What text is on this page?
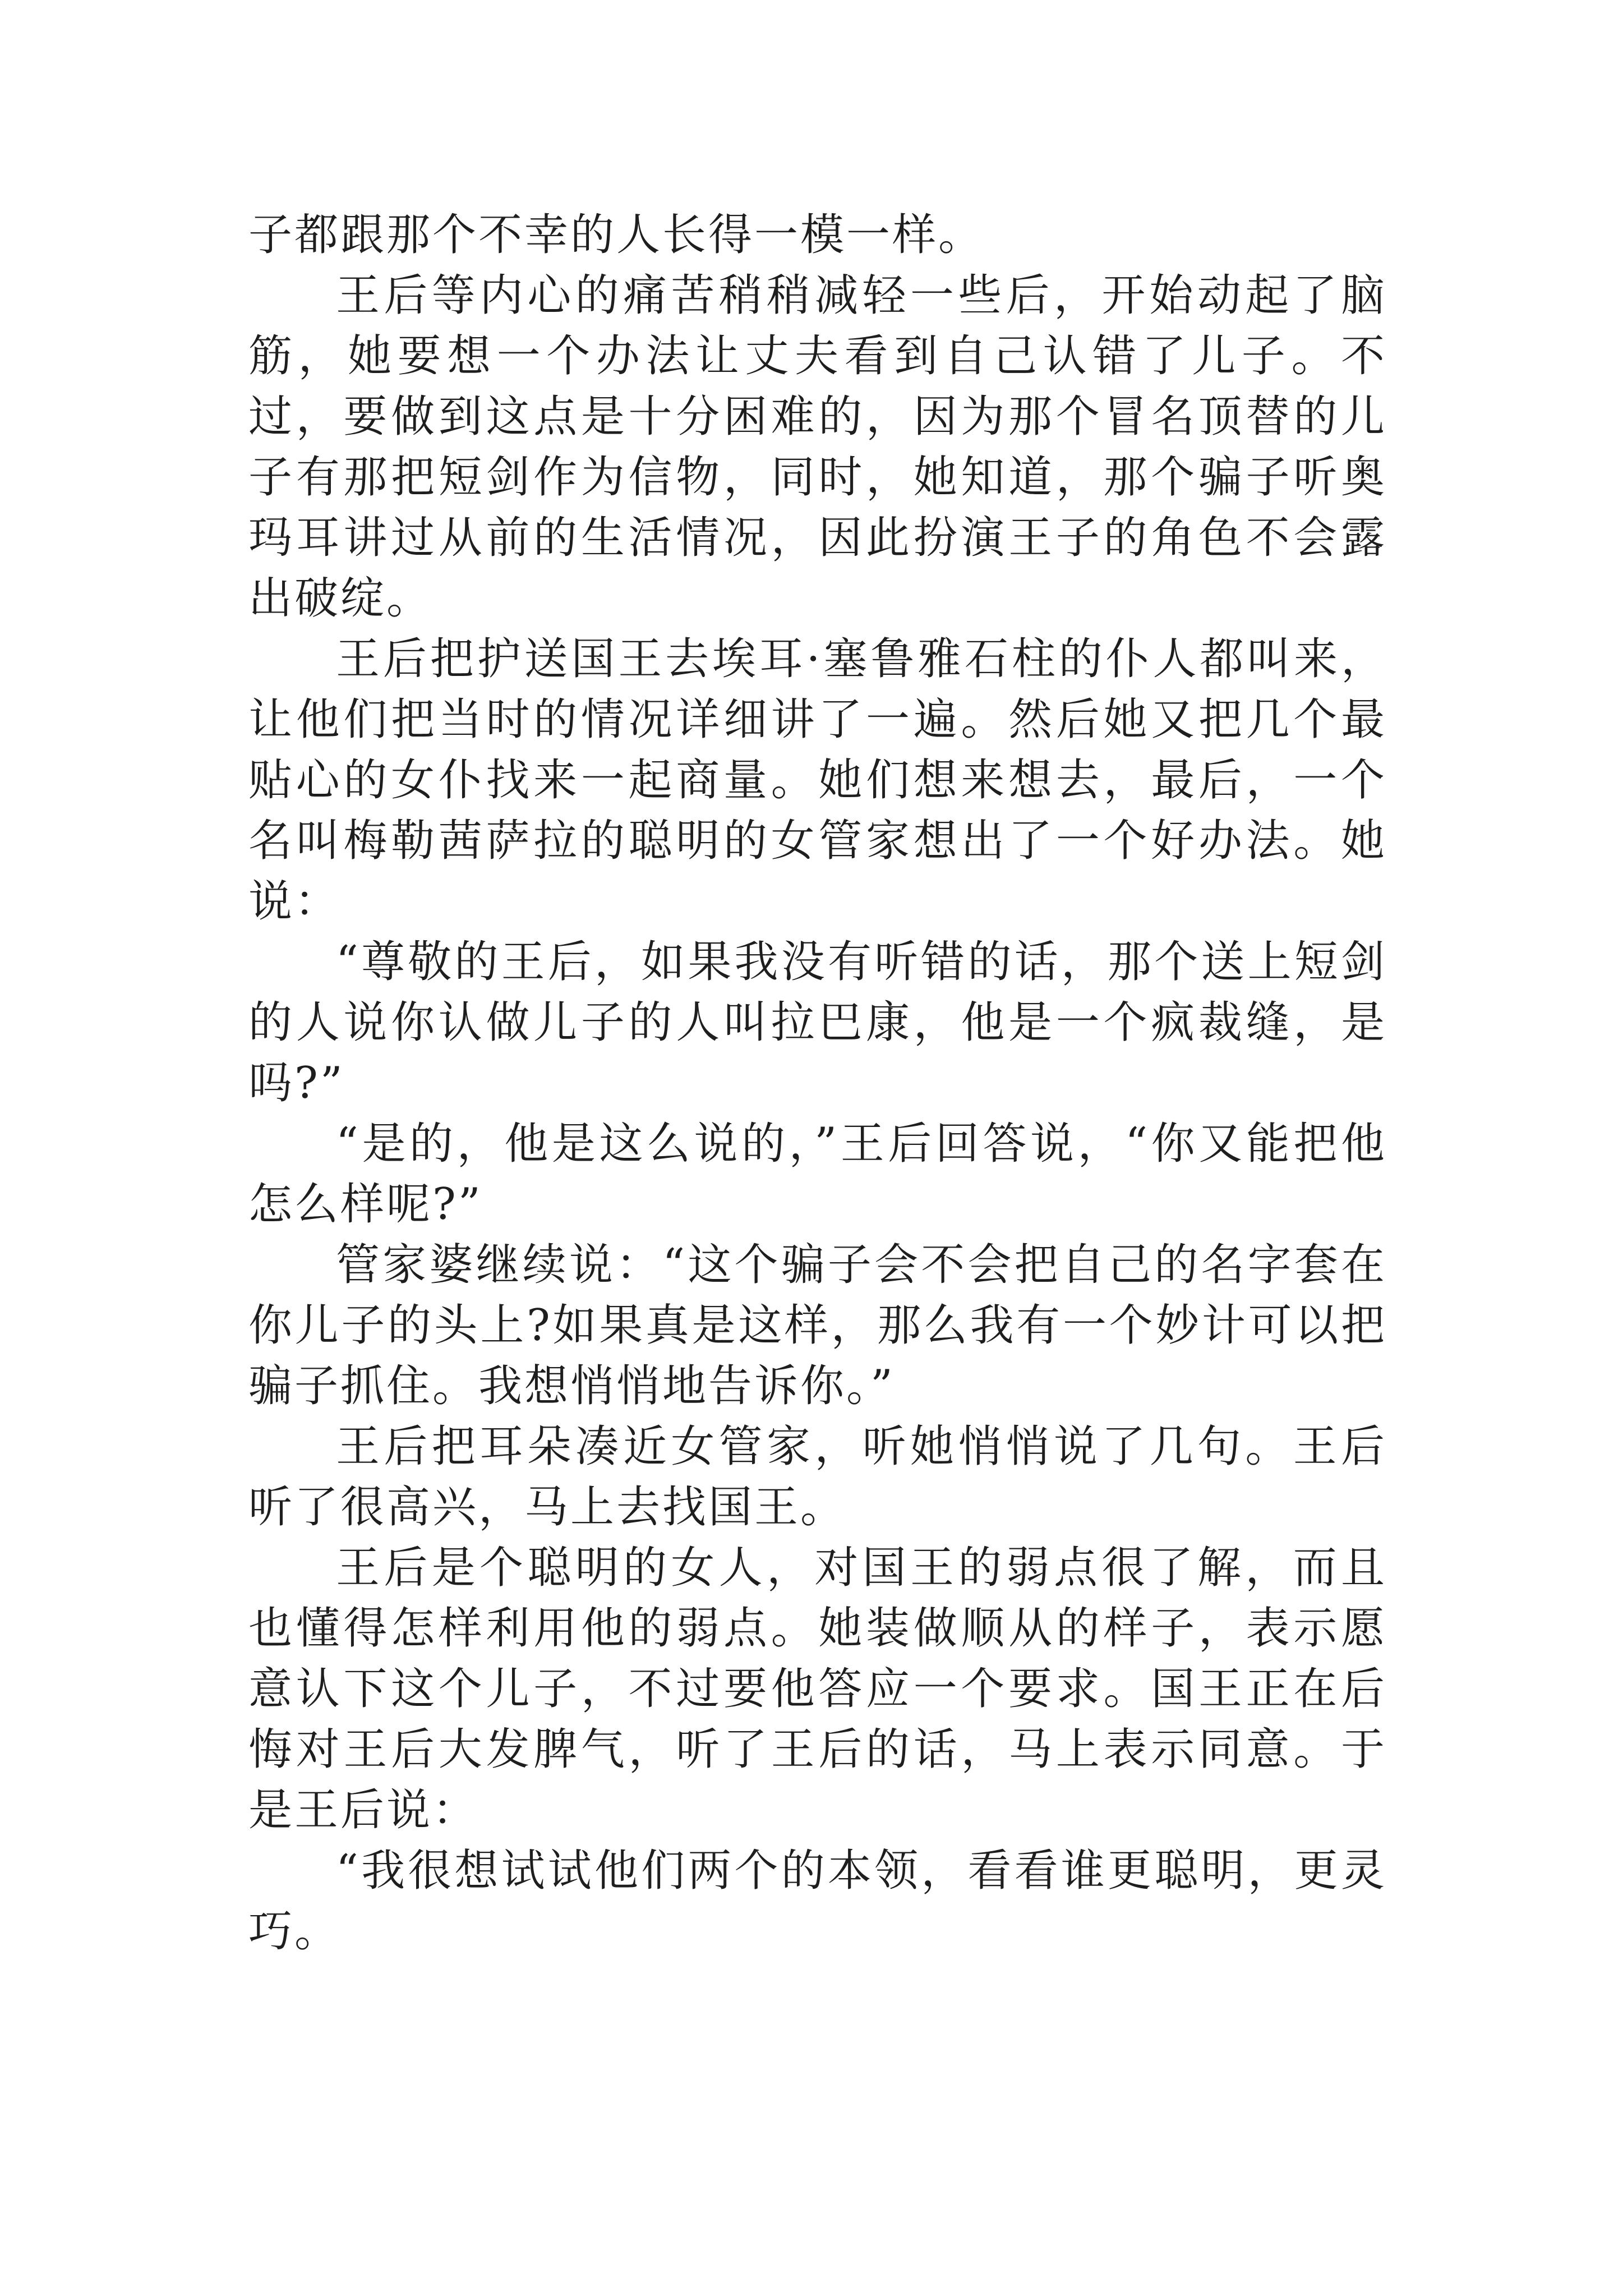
子都跟那个不幸的人长得一模一样。

王后等内心的痛苦稍稍减轻一些后，开始动起了脑筋，她要想一个办法让丈夫看到自己认错了儿子。不过，要做到这点是十分困难的，因为那个冒名顶替的儿子有那把短剑作为信物，同时，她知道，那个骗子听奥玛耳讲过从前的生活情况，因此扮演王子的角色不会露出破绽。

王后把护送国王去埃耳·塞鲁雅石柱的仆人都叫来，让他们把当时的情况详细讲了一遍。然后她又把几个最贴心的女仆找来一起商量。她们想来想去，最后，一个名叫梅勒茜萨拉的聪明的女管家想出了一个好办法。她说：

“尊敬的王后，如果我没有听错的话，那个送上短剑的人说你认做儿子的人叫拉巴康，他是一个疯裁缝，是吗?”

“是的，他是这么说的，”王后回答说，“你又能把他怎么样呢?”

管家婆继续说：“这个骗子会不会把自己的名字套在你儿子的头上?如果真是这样，那么我有一个妙计可以把骗子抓住。我想悄悄地告诉你。”

王后把耳朵凑近女管家，听她悄悄说了几句。王后听了很高兴，马上去找国王。

王后是个聪明的女人，对国王的弱点很了解，而且也懂得怎样利用他的弱点。她装做顺从的样子，表示愿意认下这个儿子，不过要他答应一个要求。国王正在后悔对王后大发脾气，听了王后的话，马上表示同意。于是王后说：

“我很想试试他们两个的本领，看看谁更聪明，更灵巧。
